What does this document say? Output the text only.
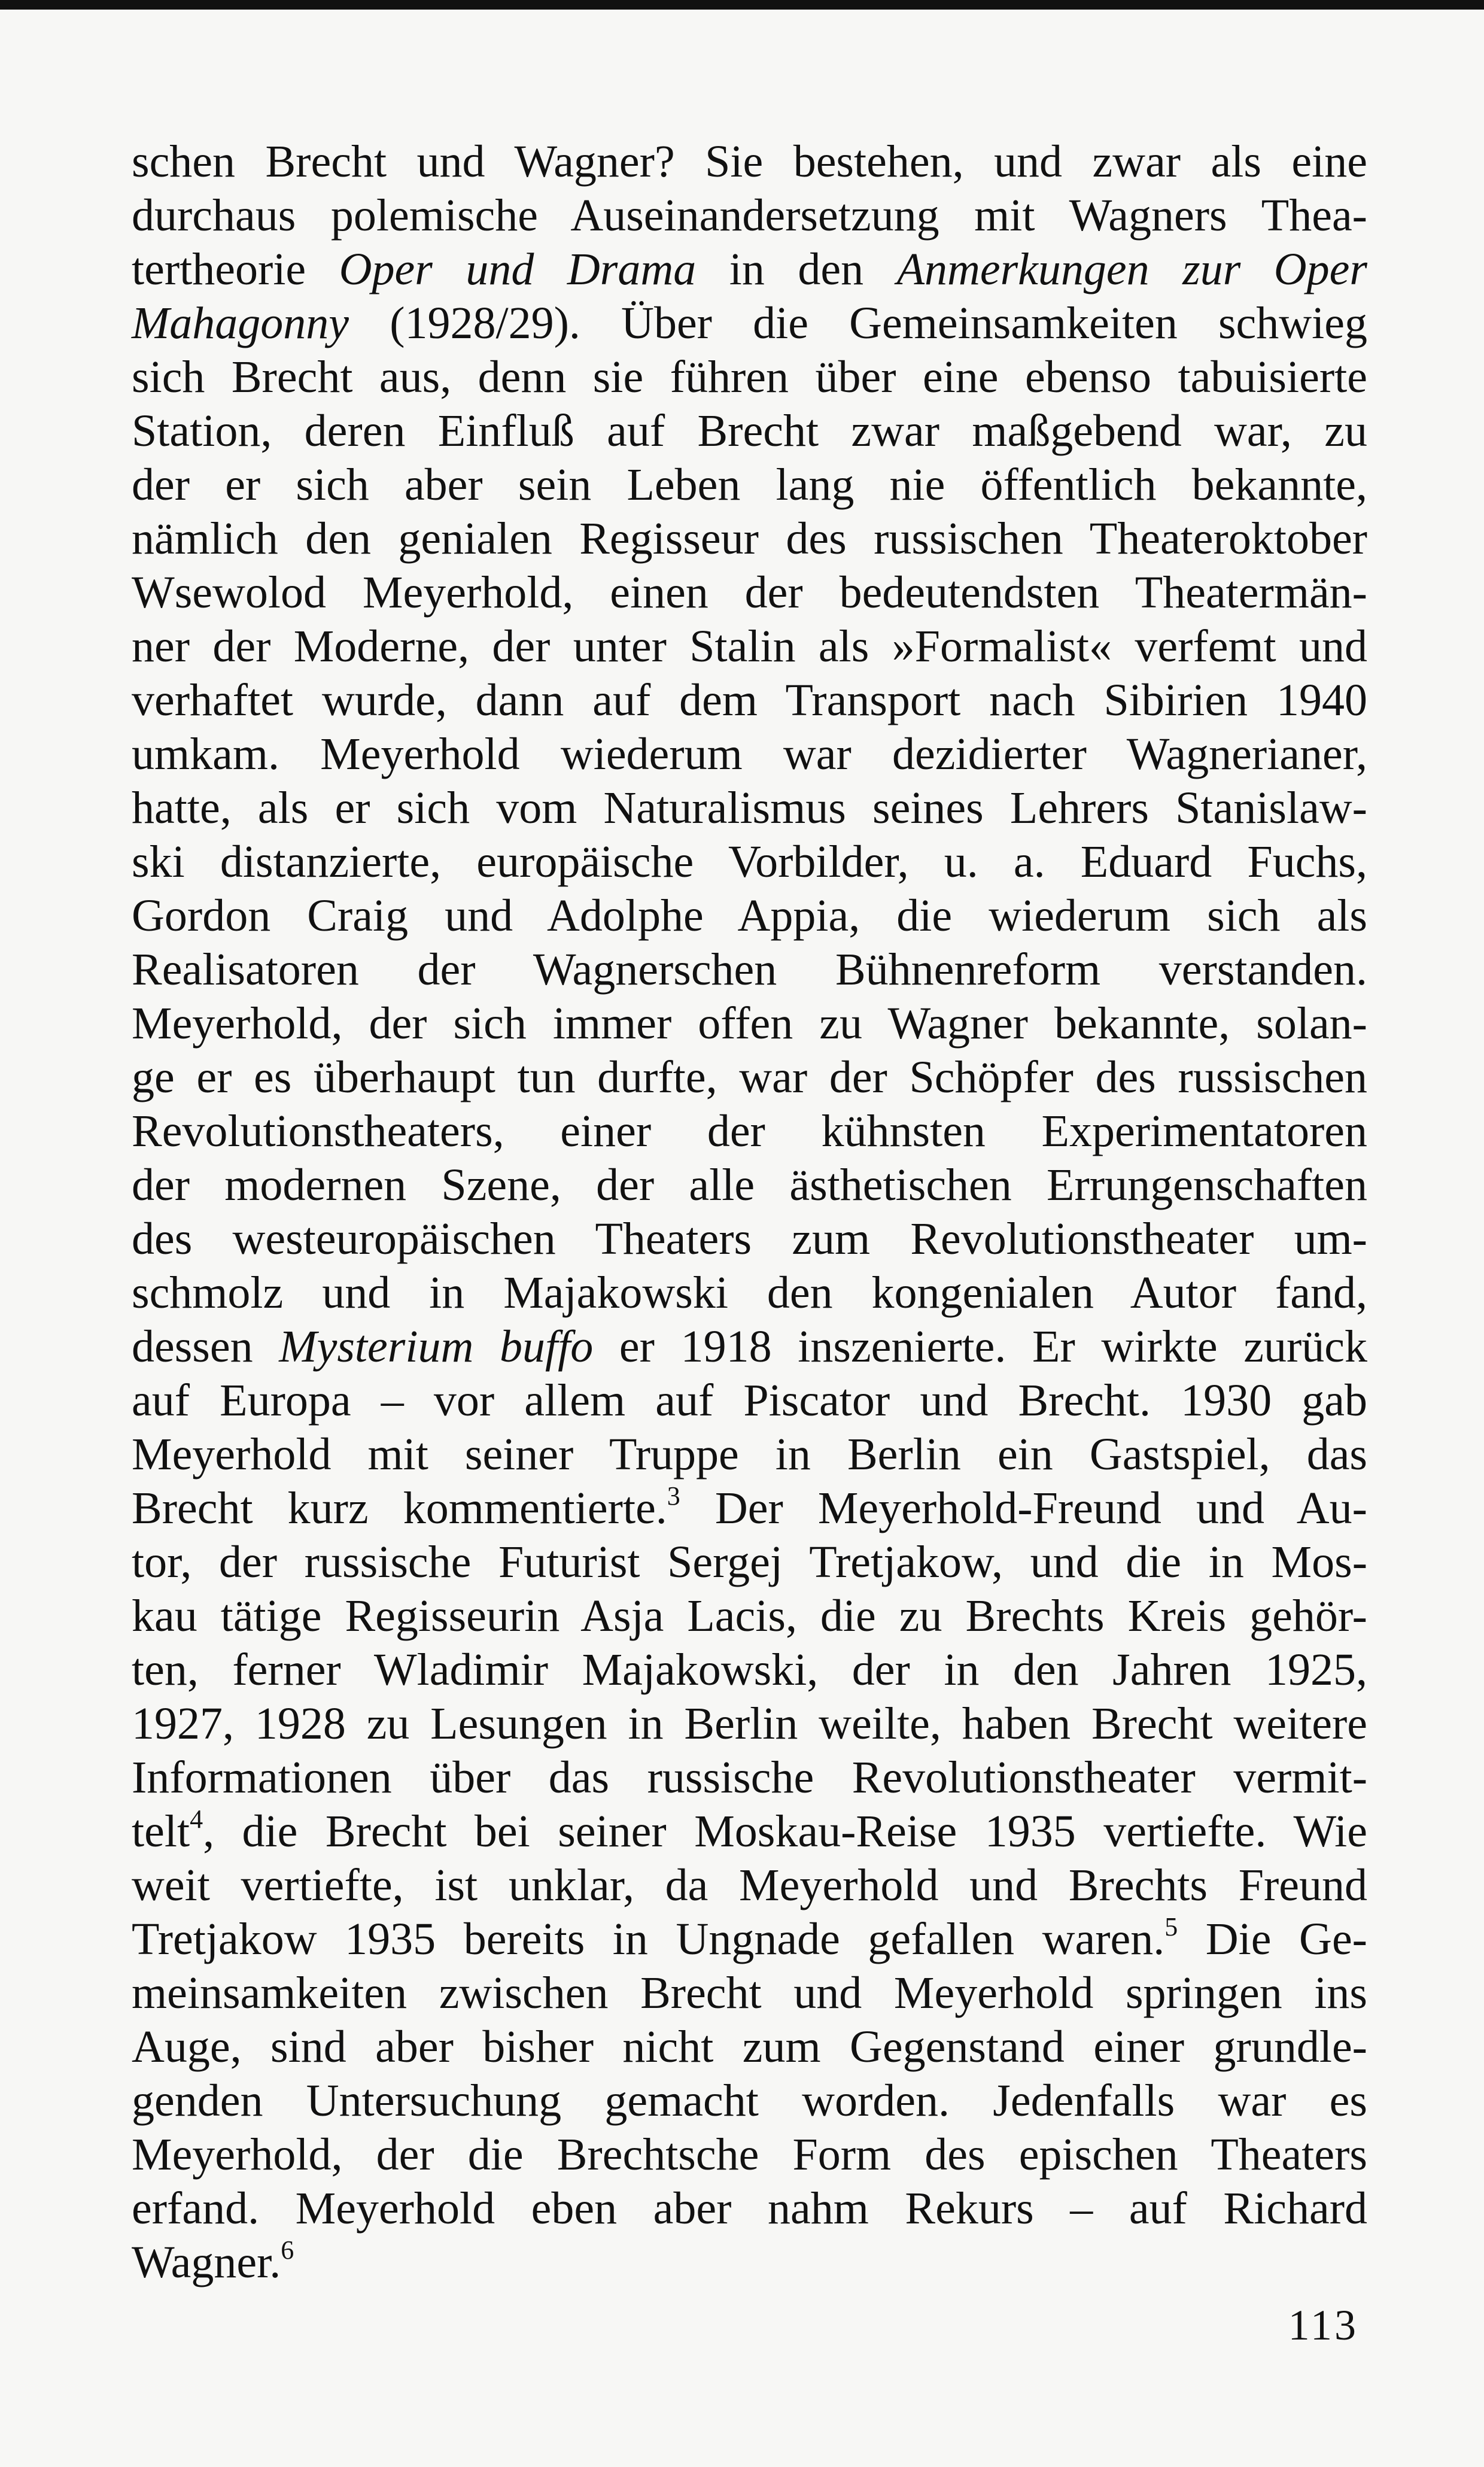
schen Brecht und Wagner? Sie bestehen, und zwar als eine
durchaus polemische Auseinandersetzung mit Wagners Thea-
tertheorie Oper und Drama in den Anmerkungen zur Oper
Mahagonny (1928/29). Über die Gemeinsamkeiten schwieg
sich Brecht aus, denn sie führen über eine ebenso tabuisierte
Station, deren Einfluß auf Brecht zwar maßgebend war, zu
der er sich aber sein Leben lang nie öffentlich bekannte,
nämlich den genialen Regisseur des russischen Theateroktober
Wsewolod Meyerhold, einen der bedeutendsten Theatermän-
ner der Moderne, der unter Stalin als »Formalist« verfemt und
verhaftet wurde, dann auf dem Transport nach Sibirien 1940
umkam. Meyerhold wiederum war dezidierter Wagnerianer,
hatte, als er sich vom Naturalismus seines Lehrers Stanislaw-
ski distanzierte, europäische Vorbilder, u. a. Eduard Fuchs,
Gordon Craig und Adolphe Appia, die wiederum sich als
Realisatoren der Wagnerschen Bühnenreform verstanden.
Meyerhold, der sich immer offen zu Wagner bekannte, solan-
ge er es überhaupt tun durfte, war der Schöpfer des russischen
Revolutionstheaters, einer der kühnsten Experimentatoren
der modernen Szene, der alle ästhetischen Errungenschaften
des westeuropäischen Theaters zum Revolutionstheater um-
schmolz und in Majakowski den kongenialen Autor fand,
dessen Mysterium buffo er 1918 inszenierte. Er wirkte zurück
auf Europa – vor allem auf Piscator und Brecht. 1930 gab
Meyerhold mit seiner Truppe in Berlin ein Gastspiel, das
Brecht kurz kommentierte.$^3$ Der Meyerhold-Freund und Au-
tor, der russische Futurist Sergej Tretjakow, und die in Mos-
kau tätige Regisseurin Asja Lacis, die zu Brechts Kreis gehör-
ten, ferner Wladimir Majakowski, der in den Jahren 1925,
1927, 1928 zu Lesungen in Berlin weilte, haben Brecht weitere
Informationen über das russische Revolutionstheater vermit-
telt$^4$, die Brecht bei seiner Moskau-Reise 1935 vertiefte. Wie
weit vertiefte, ist unklar, da Meyerhold und Brechts Freund
Tretjakow 1935 bereits in Ungnade gefallen waren.$^5$ Die Ge-
meinsamkeiten zwischen Brecht und Meyerhold springen ins
Auge, sind aber bisher nicht zum Gegenstand einer grundle-
genden Untersuchung gemacht worden. Jedenfalls war es
Meyerhold, der die Brechtsche Form des epischen Theaters
erfand. Meyerhold eben aber nahm Rekurs – auf Richard
Wagner.$^6$
113
